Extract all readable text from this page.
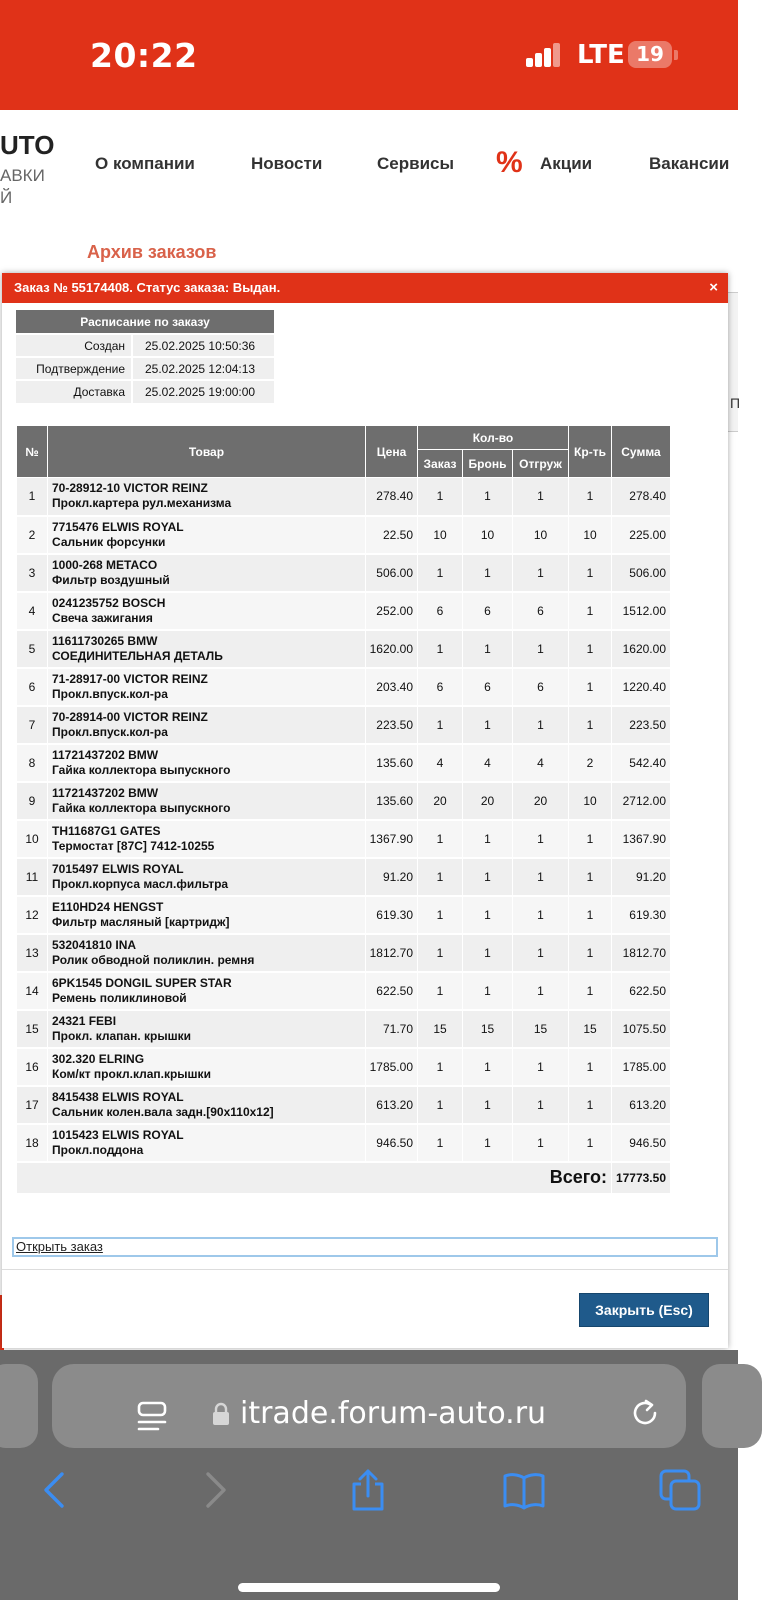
20:22	LTE 19
UTO
АВКИ
Й
О компании	Новости	Сервисы % Акции	Вакансии
Архив заказов
П
Заказ № 55174408. Статус заказа: Выдан.	×
Расписание по заказу	
Создан	25.02.2025 10:50:36
Подтверждение	25.02.2025 12:04:13
Доставка	25.02.2025 19:00:00
№	Товар	Цена	Кол-во			Кр-ть	Сумма
			Заказ	Бронь	Отгруж		
1	70-28912-10 VICTOR REINZ
Прокл.картера рул.механизма	278.40	1	1	1	1	278.40
2	7715476 ELWIS ROYAL
Сальник форсунки	22.50	10	10	10	10	225.00
3	1000-268 METACO
Фильтр воздушный	506.00	1	1	1	1	506.00
4	0241235752 BOSCH
Свеча зажигания	252.00	6	6	6	1	1512.00
5	11611730265 BMW
СОЕДИНИТЕЛЬНАЯ ДЕТАЛЬ	1620.00	1	1	1	1	1620.00
6	71-28917-00 VICTOR REINZ
Прокл.впуск.кол-ра	203.40	6	6	6	1	1220.40
7	70-28914-00 VICTOR REINZ
Прокл.впуск.кол-ра	223.50	1	1	1	1	223.50
8	11721437202 BMW
Гайка коллектора выпускного	135.60	4	4	4	2	542.40
9	11721437202 BMW
Гайка коллектора выпускного	135.60	20	20	20	10	2712.00
10	TH11687G1 GATES
Термостат [87C] 7412-10255	1367.90	1	1	1	1	1367.90
11	7015497 ELWIS ROYAL
Прокл.корпуса масл.фильтра	91.20	1	1	1	1	91.20
12	E110HD24 HENGST
Фильтр масляный [картридж]	619.30	1	1	1	1	619.30
13	532041810 INA
Ролик обводной поликлин. ремня	1812.70	1	1	1	1	1812.70
14	6PK1545 DONGIL SUPER STAR
Ремень поликлиновой	622.50	1	1	1	1	622.50
15	24321 FEBI
Прокл. клапан. крышки	71.70	15	15	15	15	1075.50
16	302.320 ELRING
Ком/кт прокл.клап.крышки	1785.00	1	1	1	1	1785.00
17	8415438 ELWIS ROYAL
Сальник колен.вала задн.[90x110x12]	613.20	1	1	1	1	613.20
18	1015423 ELWIS ROYAL
Прокл.поддона	946.50	1	1	1	1	946.50
Всего:							17773.50
Открыть заказ
Закрыть (Esc)
itrade.forum-auto.ru
